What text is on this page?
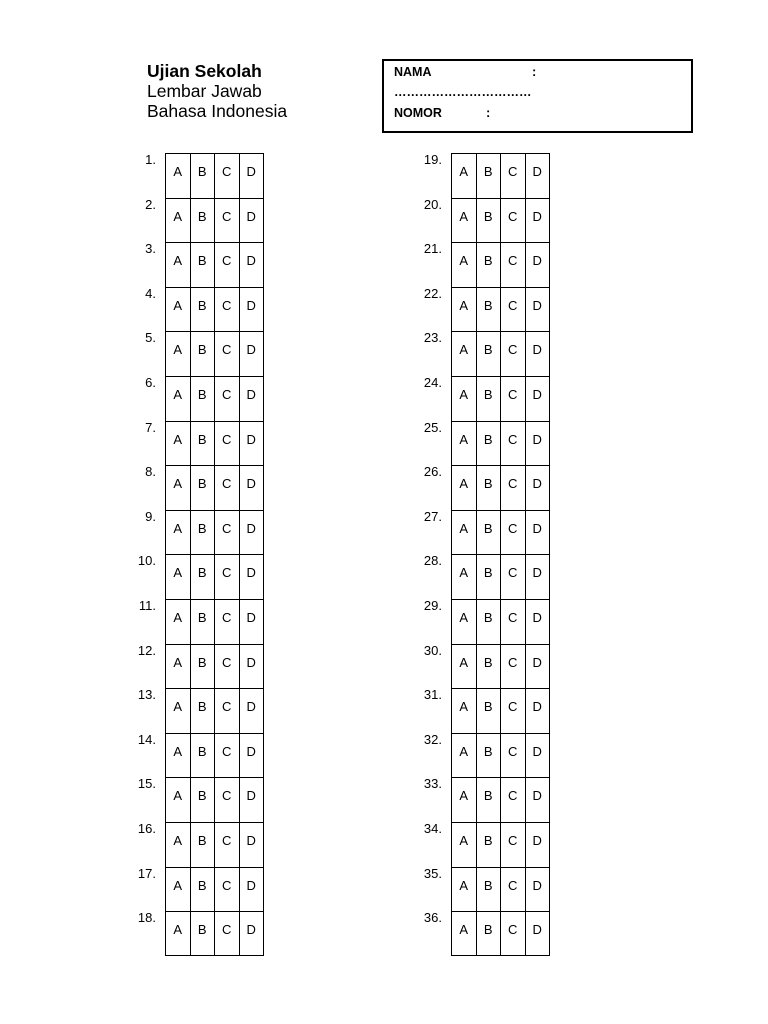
Ujian Sekolah
Lembar Jawab
Bahasa Indonesia
NAMA	:
……………………………
NOMOR	:
1.
A	B	C	D
2.
A	B	C	D
3.
A	B	C	D
4.
A	B	C	D
5.
A	B	C	D
6.
A	B	C	D
7.
A	B	C	D
8.
A	B	C	D
9.
A	B	C	D
10.
A	B	C	D
11.
A	B	C	D
12.
A	B	C	D
13.
A	B	C	D
14.
A	B	C	D
15.
A	B	C	D
16.
A	B	C	D
17.
A	B	C	D
18.
A	B	C	D
19.
A	B	C	D
20.
A	B	C	D
21.
A	B	C	D
22.
A	B	C	D
23.
A	B	C	D
24.
A	B	C	D
25.
A	B	C	D
26.
A	B	C	D
27.
A	B	C	D
28.
A	B	C	D
29.
A	B	C	D
30.
A	B	C	D
31.
A	B	C	D
32.
A	B	C	D
33.
A	B	C	D
34.
A	B	C	D
35.
A	B	C	D
36.
A	B	C	D
